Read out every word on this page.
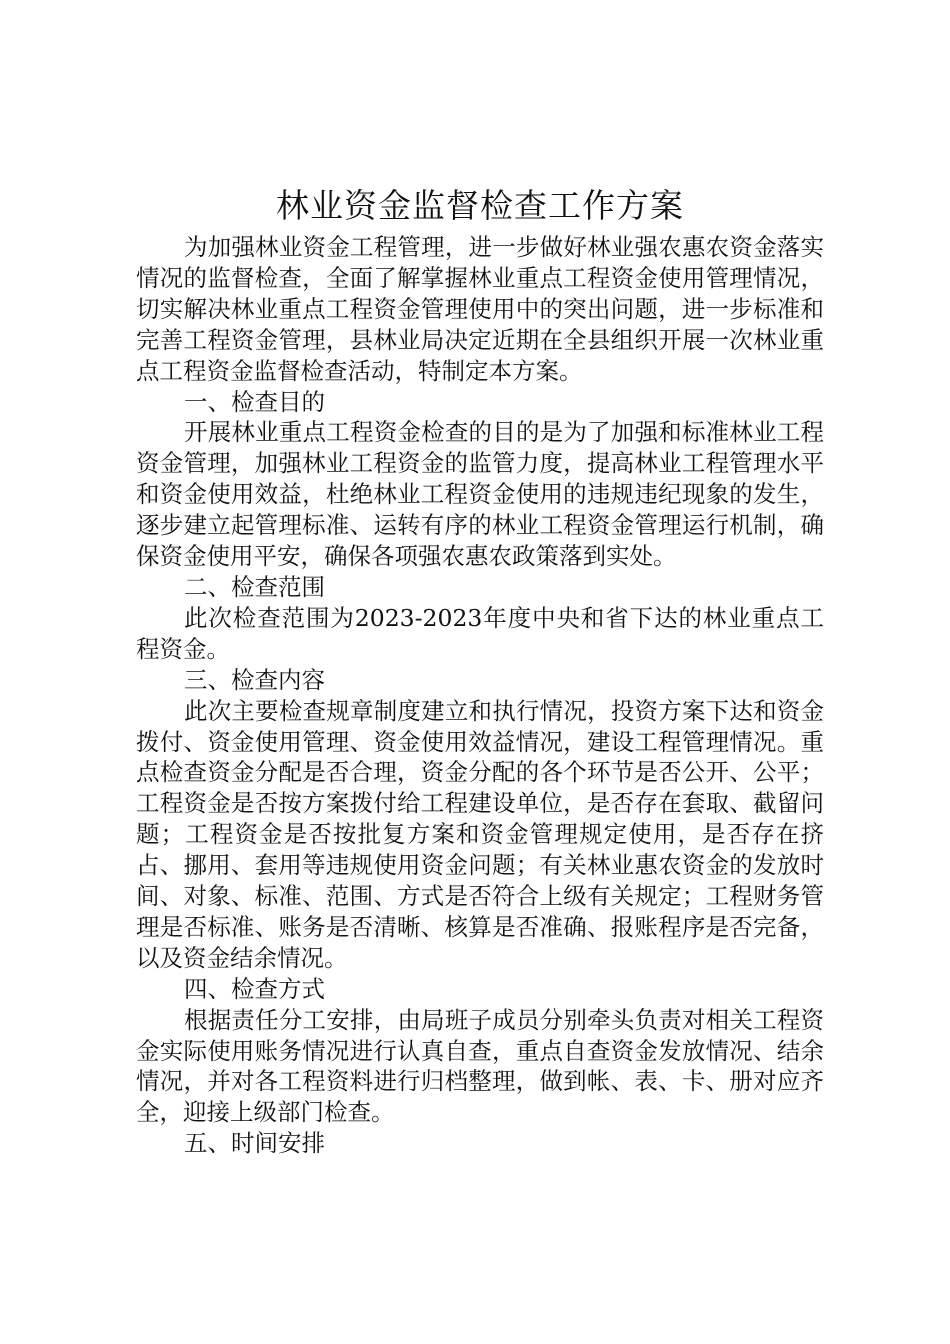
林业资金监督检查工作方案

为加强林业资金工程管理，进一步做好林业强农惠农资金落实情况的监督检查，全面了解掌握林业重点工程资金使用管理情况，切实解决林业重点工程资金管理使用中的突出问题，进一步标准和完善工程资金管理，县林业局决定近期在全县组织开展一次林业重点工程资金监督检查活动，特制定本方案。

一、检查目的

开展林业重点工程资金检查的目的是为了加强和标准林业工程资金管理，加强林业工程资金的监管力度，提高林业工程管理水平和资金使用效益，杜绝林业工程资金使用的违规违纪现象的发生，逐步建立起管理标准、运转有序的林业工程资金管理运行机制，确保资金使用平安，确保各项强农惠农政策落到实处。

二、检查范围

此次检查范围为2023-2023年度中央和省下达的林业重点工程资金。

三、检查内容

此次主要检查规章制度建立和执行情况，投资方案下达和资金拨付、资金使用管理、资金使用效益情况，建设工程管理情况。重点检查资金分配是否合理，资金分配的各个环节是否公开、公平；工程资金是否按方案拨付给工程建设单位，是否存在套取、截留问题；工程资金是否按批复方案和资金管理规定使用，是否存在挤占、挪用、套用等违规使用资金问题；有关林业惠农资金的发放时间、对象、标准、范围、方式是否符合上级有关规定；工程财务管理是否标准、账务是否清晰、核算是否准确、报账程序是否完备，以及资金结余情况。

四、检查方式

根据责任分工安排，由局班子成员分别牵头负责对相关工程资金实际使用账务情况进行认真自查，重点自查资金发放情况、结余情况，并对各工程资料进行归档整理，做到帐、表、卡、册对应齐全，迎接上级部门检查。

五、时间安排
